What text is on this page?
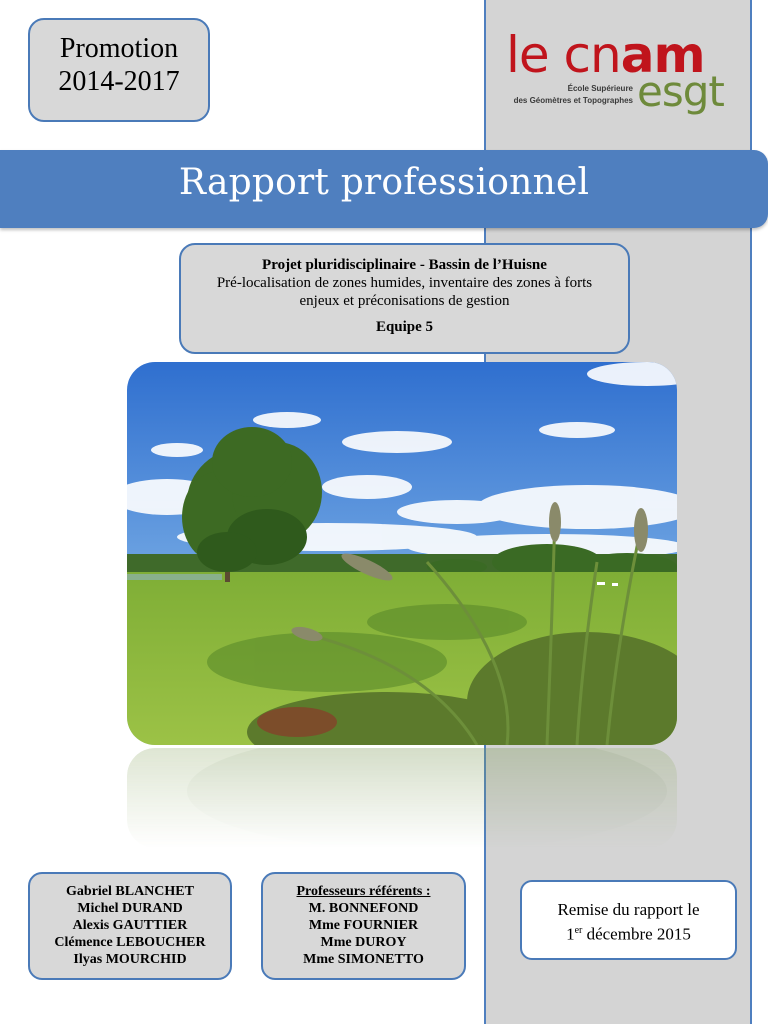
Promotion
2014-2017	le cnam
École Supérieure
des Géomètres et Topographes esgt
Rapport professionnel
Projet pluridisciplinaire - Bassin de l’Huisne
Pré-localisation de zones humides, inventaire des zones à forts enjeux et préconisations de gestion
Equipe 5
Gabriel BLANCHET
Michel DURAND
Alexis GAUTTIER
Clémence LEBOUCHER
Ilyas MOURCHID
Professeurs référents :
M. BONNEFOND
Mme FOURNIER
Mme DUROY
Mme SIMONETTO
Remise du rapport le
1er décembre 2015
